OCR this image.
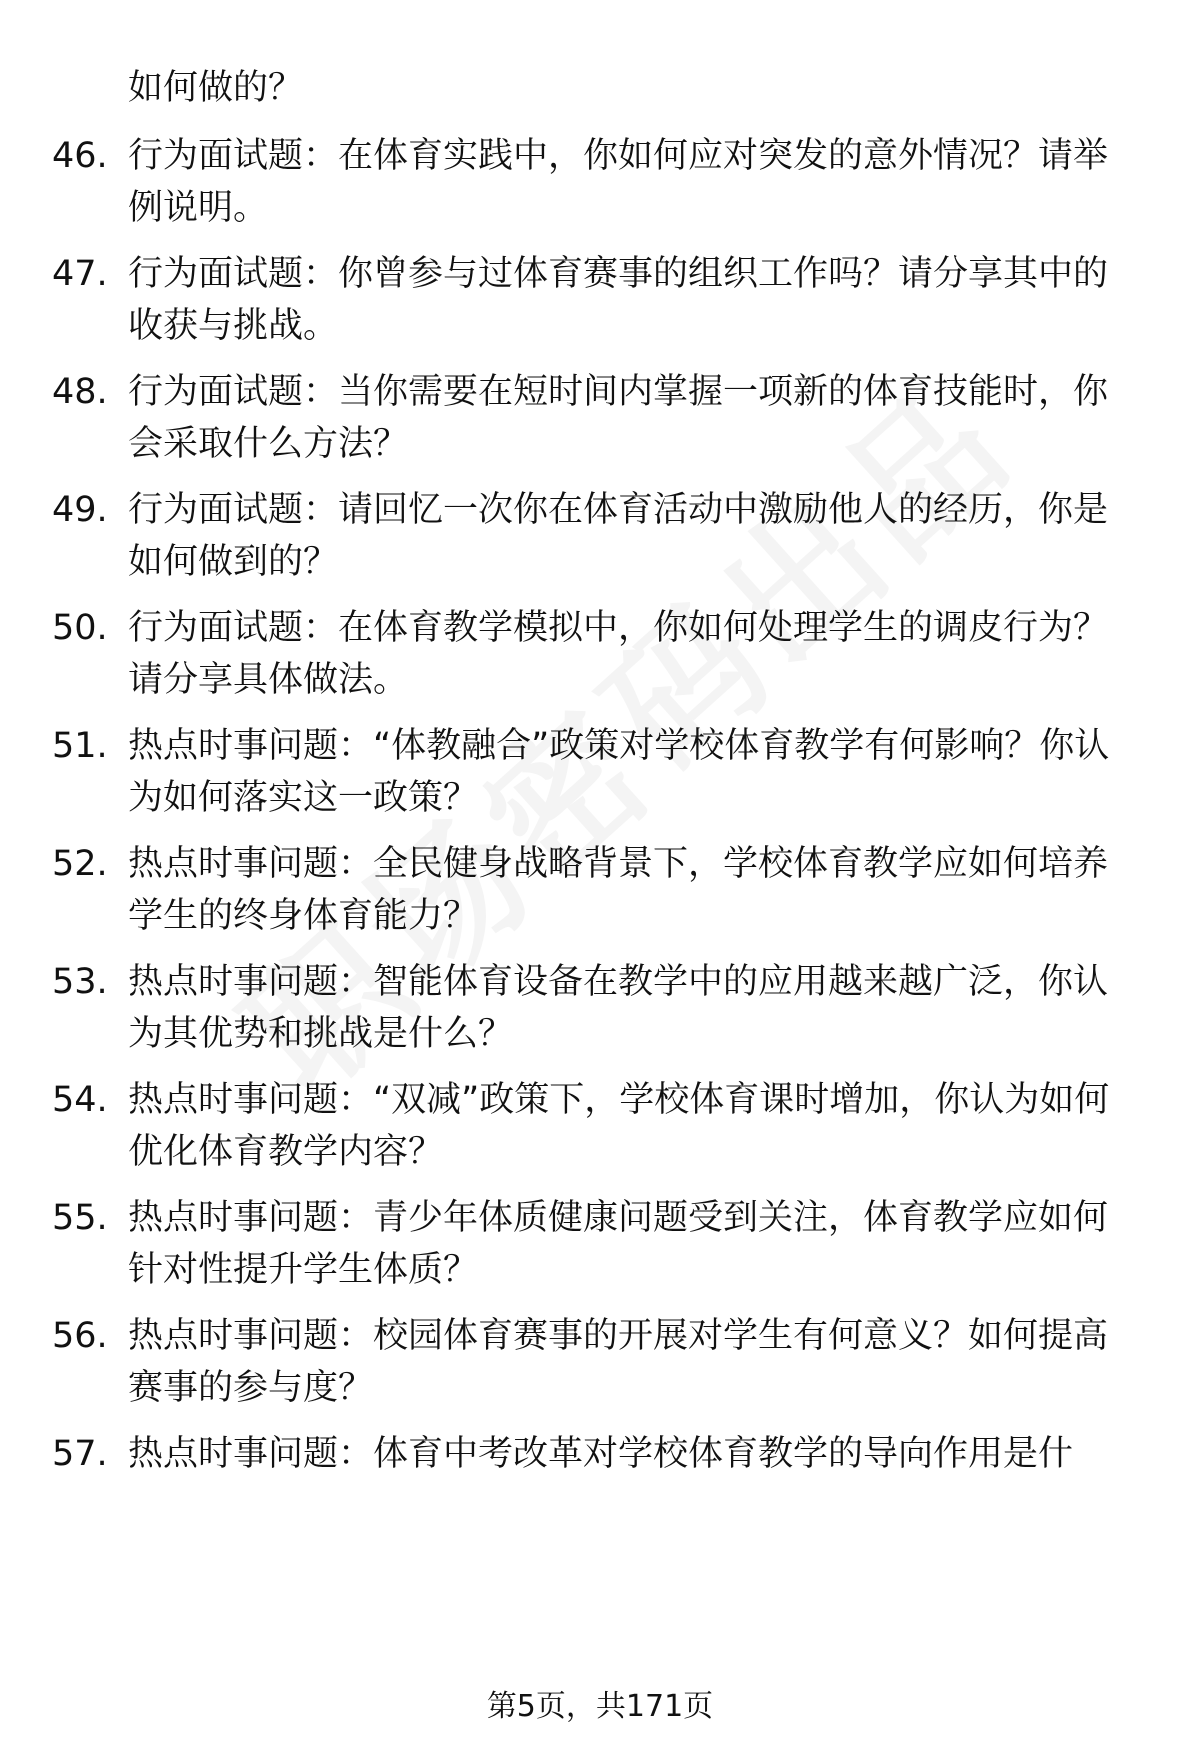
如何做的？
46. 行为面试题：在体育实践中，你如何应对突发的意外情况？请举例说明。
47. 行为面试题：你曾参与过体育赛事的组织工作吗？请分享其中的收获与挑战。
48. 行为面试题：当你需要在短时间内掌握一项新的体育技能时，你会采取什么方法？
49. 行为面试题：请回忆一次你在体育活动中激励他人的经历，你是如何做到的？
50. 行为面试题：在体育教学模拟中，你如何处理学生的调皮行为？请分享具体做法。
51. 热点时事问题：“体教融合”政策对学校体育教学有何影响？你认为如何落实这一政策？
52. 热点时事问题：全民健身战略背景下，学校体育教学应如何培养学生的终身体育能力？
53. 热点时事问题：智能体育设备在教学中的应用越来越广泛，你认为其优势和挑战是什么？
54. 热点时事问题：“双减”政策下，学校体育课时增加，你认为如何优化体育教学内容？
55. 热点时事问题：青少年体质健康问题受到关注，体育教学应如何针对性提升学生体质？
56. 热点时事问题：校园体育赛事的开展对学生有何意义？如何提高赛事的参与度？
57. 热点时事问题：体育中考改革对学校体育教学的导向作用是什
第5页，共171页
